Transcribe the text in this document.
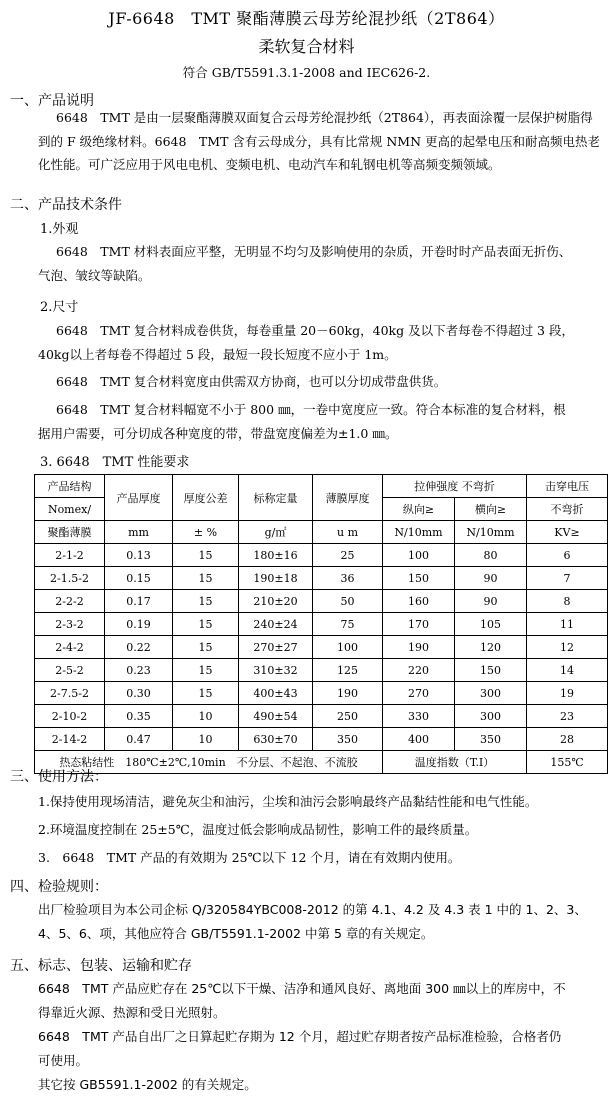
JF-6648　TMT 聚酯薄膜云母芳纶混抄纸（2T864）
柔软复合材料
符合 GB/T5591.3.1-2008 and IEC626-2.
一、产品说明
6648　TMT 是由一层聚酯薄膜双面复合云母芳纶混抄纸（2T864），再表面涂覆一层保护树脂得到的 F 级绝缘材料。6648　TMT 含有云母成分，具有比常规 NMN 更高的起晕电压和耐高频电热老化性能。可广泛应用于风电电机、变频电机、电动汽车和轧钢电机等高频变频领域。
二、产品技术条件
1.外观
6648　TMT 材料表面应平整，无明显不均匀及影响使用的杂质，开卷时时产品表面无折伤、
气泡、皱纹等缺陷。
2.尺寸
6648　TMT 复合材料成卷供货，每卷重量 20－60kg，40kg 及以下者每卷不得超过 3 段，
40kg以上者每卷不得超过 5 段，最短一段长短度不应小于 1m。
6648　TMT 复合材料宽度由供需双方协商，也可以分切成带盘供货。
6648　TMT 复合材料幅宽不小于 800 ㎜，一卷中宽度应一致。符合本标准的复合材料，根
据用户需要，可分切成各种宽度的带，带盘宽度偏差为±1.0 ㎜。
3. 6648　TMT 性能要求
产品结构	产品厚度	厚度公差	标称定量	薄膜厚度	拉伸强度 不弯折		击穿电压
Nomex/					纵向≥	横向≥	不弯折
聚酯薄膜	mm	± %	g/㎡	u m	N/10mm	N/10mm	KV≥
2-1-2	0.13	15	180±16	25	100	80	6
2-1.5-2	0.15	15	190±18	36	150	90	7
2-2-2	0.17	15	210±20	50	160	90	8
2-3-2	0.19	15	240±24	75	170	105	11
2-4-2	0.22	15	270±27	100	190	120	12
2-5-2	0.23	15	310±32	125	220	150	14
2-7.5-2	0.30	15	400±43	190	270	300	19
2-10-2	0.35	10	490±54	250	330	300	23
2-14-2	0.47	10	630±70	350	400	350	28
热态粘结性　180℃±2℃,10min　不分层、不起泡、不流胶					温度指数（T.I）		155℃
三、使用方法：
1.保持使用现场清洁，避免灰尘和油污，尘埃和油污会影响最终产品黏结性能和电气性能。
2.环境温度控制在 25±5℃，温度过低会影响成品韧性，影响工件的最终质量。
3.　6648　TMT 产品的有效期为 25℃以下 12 个月，请在有效期内使用。
四、检验规则：
出厂检验项目为本公司企标 Q/320584YBC008-2012 的第 4.1、4.2 及 4.3 表 1 中的 1、2、3、
4、5、6、项，其他应符合 GB/T5591.1-2002 中第 5 章的有关规定。
五、标志、包装、运输和贮存
6648　TMT 产品应贮存在 25℃以下干燥、洁净和通风良好、离地面 300 ㎜以上的库房中，不
得靠近火源、热源和受日光照射。
6648　TMT 产品自出厂之日算起贮存期为 12 个月，超过贮存期者按产品标准检验，合格者仍
可使用。
其它按 GB5591.1-2002 的有关规定。
